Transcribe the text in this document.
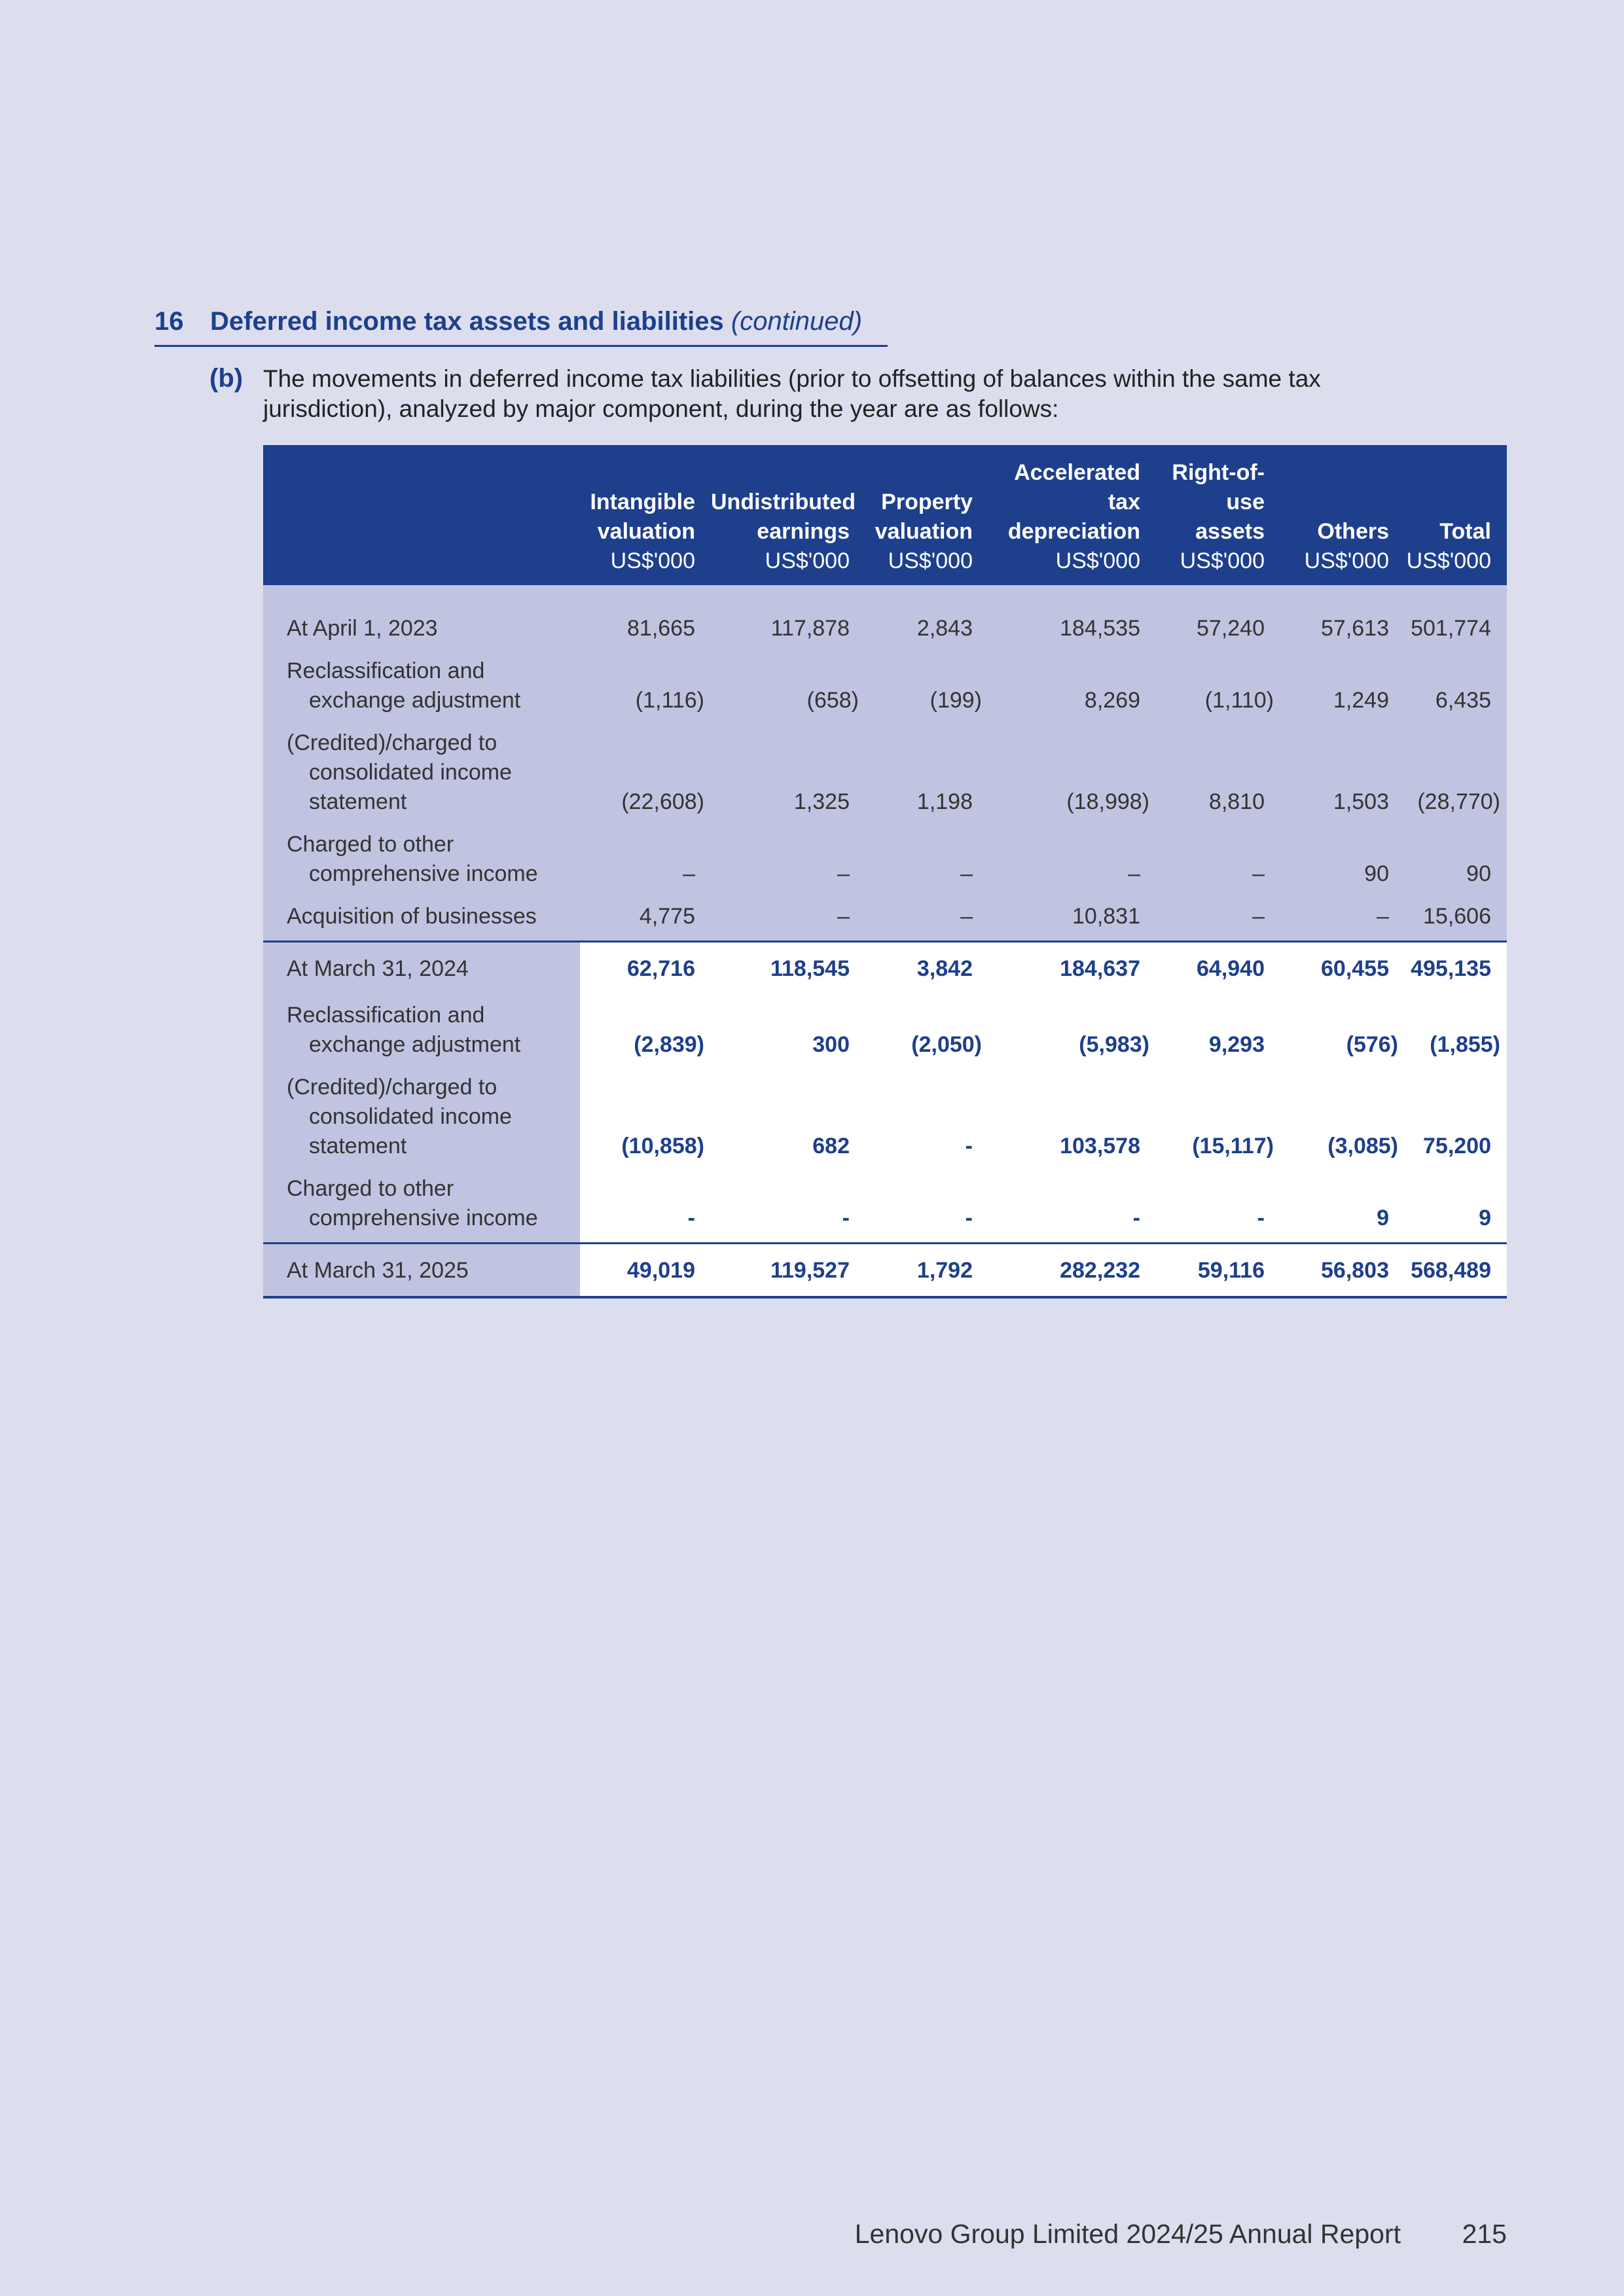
16 Deferred income tax assets and liabilities (continued)
(b) The movements in deferred income tax liabilities (prior to offsetting of balances within the same tax jurisdiction), analyzed by major component, during the year are as follows:
	Intangible
valuation
US$'000	Undistributed
earnings
US$'000	Property
valuation
US$'000	Accelerated
tax
depreciation
US$'000	Right-of-
use assets
US$'000	Others
US$'000	Total
US$'000

At April 1, 2023	81,665	117,878	2,843	184,535	57,240	57,613	501,774
Reclassification and
exchange adjustment	(1,116)	(658)	(199)	8,269	(1,110)	1,249	6,435
(Credited)/charged to
consolidated income
statement	(22,608)	1,325	1,198	(18,998)	8,810	1,503	(28,770)
Charged to other
comprehensive income	–	–	–	–	–	90	90
Acquisition of businesses	4,775	–	–	10,831	–	–	15,606
At March 31, 2024	62,716	118,545	3,842	184,637	64,940	60,455	495,135
Reclassification and
exchange adjustment	(2,839)	300	(2,050)	(5,983)	9,293	(576)	(1,855)
(Credited)/charged to
consolidated income
statement	(10,858)	682	-	103,578	(15,117)	(3,085)	75,200
Charged to other
comprehensive income	-	-	-	-	-	9	9
At March 31, 2025	49,019	119,527	1,792	282,232	59,116	56,803	568,489
Lenovo Group Limited 2024/25 Annual Report 215
